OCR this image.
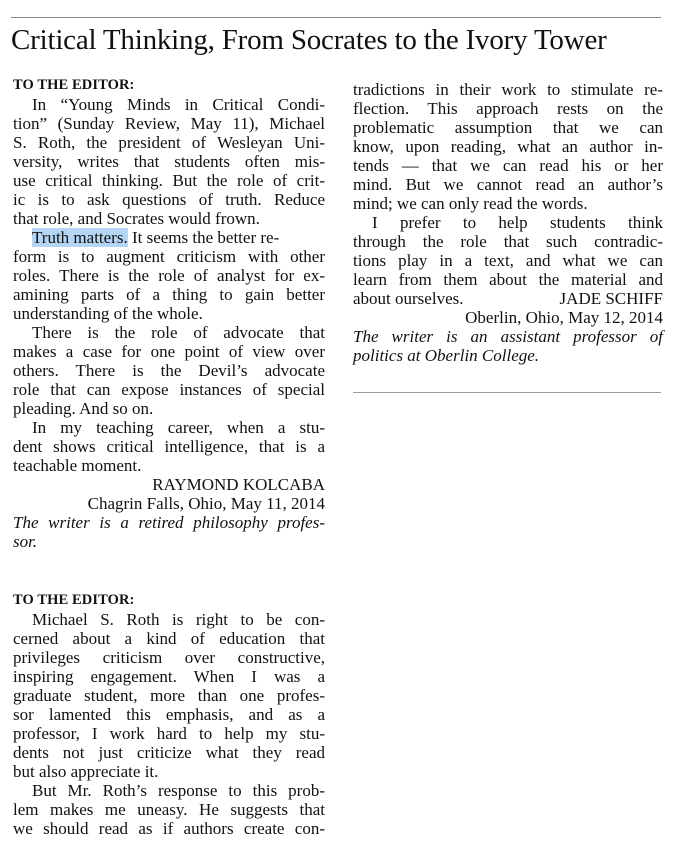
Critical Thinking, From Socrates to the Ivory Tower
TO THE EDITOR:
In “Young Minds in Critical Condi-
tion” (Sunday Review, May 11), Michael
S. Roth, the president of Wesleyan Uni-
versity, writes that students often mis-
use critical thinking. But the role of crit-
ic is to ask questions of truth. Reduce
that role, and Socrates would frown.
Truth matters. It seems the better re-
form is to augment criticism with other
roles. There is the role of analyst for ex-
amining parts of a thing to gain better
understanding of the whole.
There is the role of advocate that
makes a case for one point of view over
others. There is the Devil’s advocate
role that can expose instances of special
pleading. And so on.
In my teaching career, when a stu-
dent shows critical intelligence, that is a
teachable moment.
RAYMOND KOLCABA
Chagrin Falls, Ohio, May 11, 2014
The writer is a retired philosophy profes-
sor.
TO THE EDITOR:
Michael S. Roth is right to be con-
cerned about a kind of education that
privileges criticism over constructive,
inspiring engagement. When I was a
graduate student, more than one profes-
sor lamented this emphasis, and as a
professor, I work hard to help my stu-
dents not just criticize what they read
but also appreciate it.
But Mr. Roth’s response to this prob-
lem makes me uneasy. He suggests that
we should read as if authors create con-
tradictions in their work to stimulate re-
flection. This approach rests on the
problematic assumption that we can
know, upon reading, what an author in-
tends — that we can read his or her
mind. But we cannot read an author’s
mind; we can only read the words.
I prefer to help students think
through the role that such contradic-
tions play in a text, and what we can
learn from them about the material and
about ourselves.	JADE SCHIFF
Oberlin, Ohio, May 12, 2014
The writer is an assistant professor of
politics at Oberlin College.
